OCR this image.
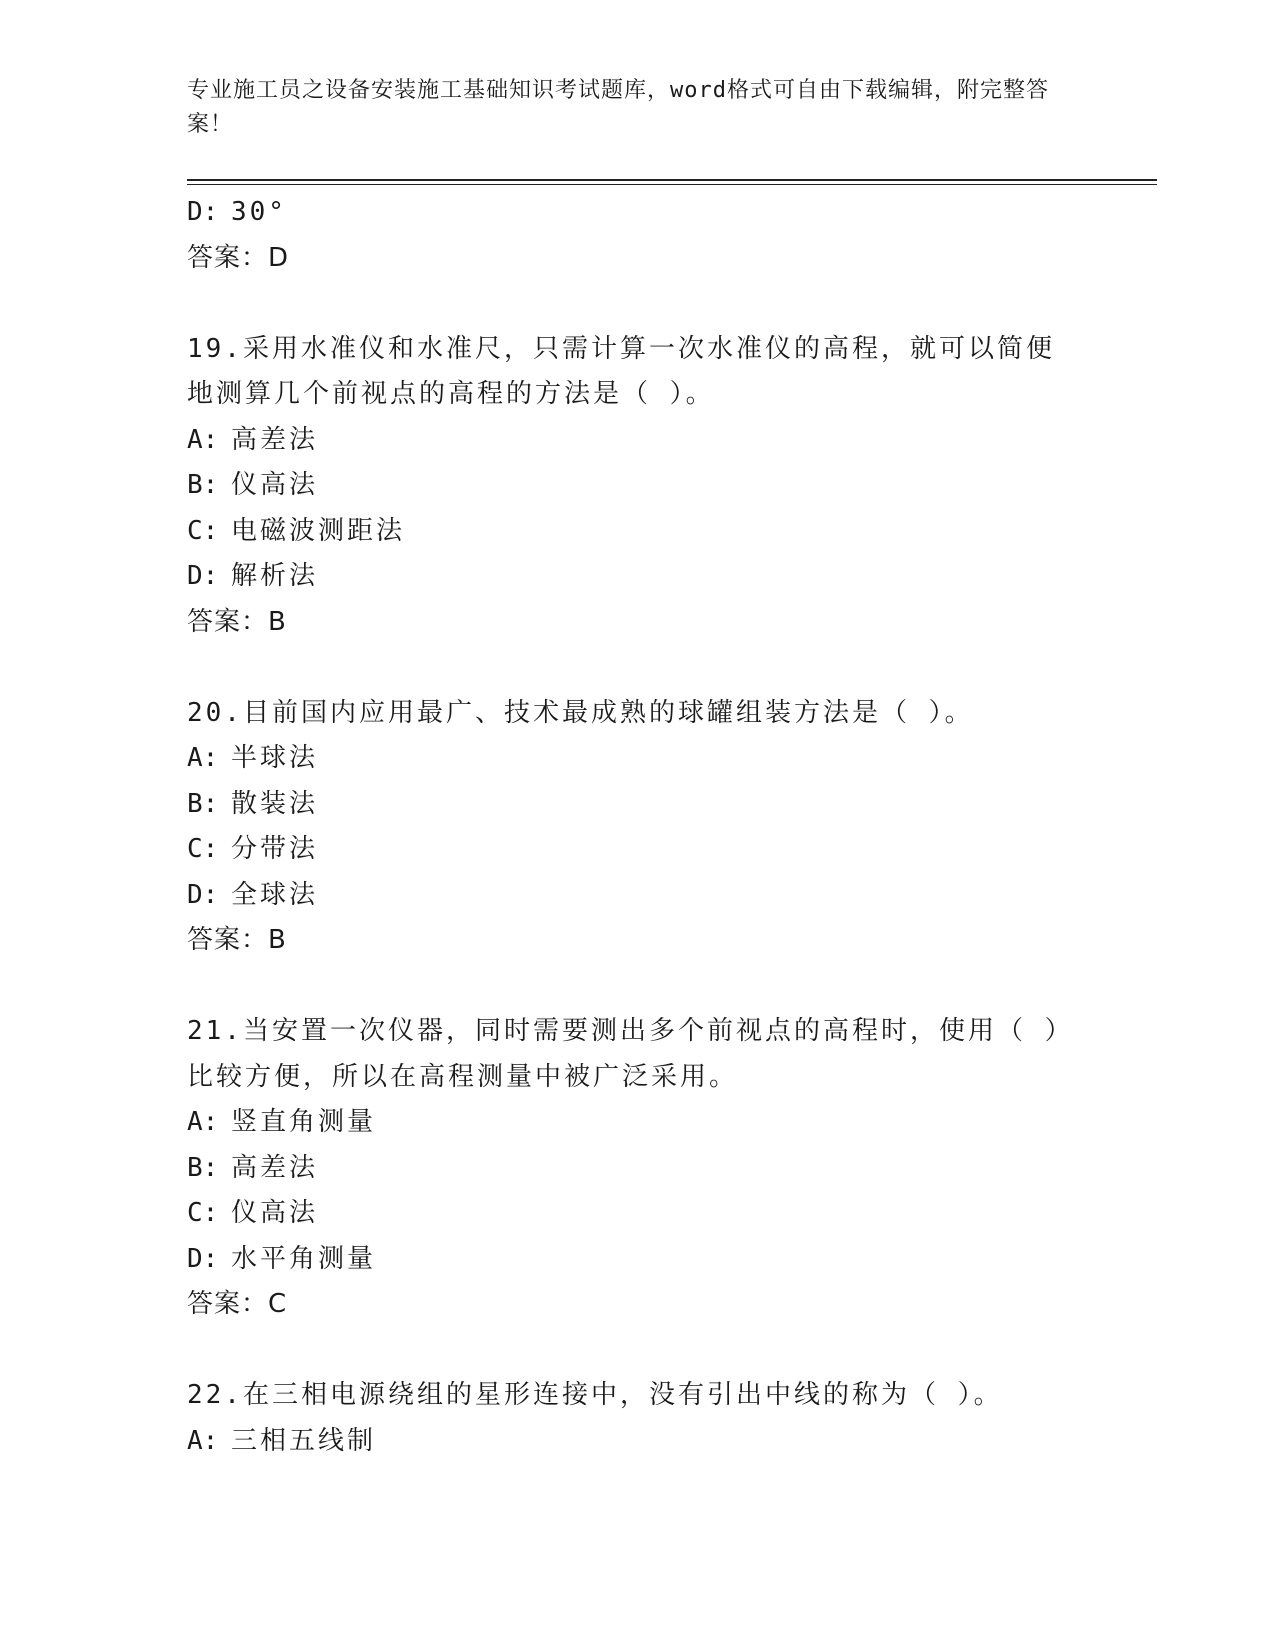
专业施工员之设备安装施工基础知识考试题库，word格式可自由下载编辑，附完整答案！

D: 30°
答案：D
19.采用水准仪和水准尺，只需计算一次水准仪的高程，就可以简便地测算几个前视点的高程的方法是（ ）。
A: 高差法
B: 仪高法
C: 电磁波测距法
D: 解析法
答案：B
20.目前国内应用最广、技术最成熟的球罐组装方法是（ ）。
A: 半球法
B: 散装法
C: 分带法
D: 全球法
答案：B
21.当安置一次仪器，同时需要测出多个前视点的高程时，使用（ ）比较方便，所以在高程测量中被广泛采用。
A: 竖直角测量
B: 高差法
C: 仪高法
D: 水平角测量
答案：C
22.在三相电源绕组的星形连接中，没有引出中线的称为（ ）。
A: 三相五线制
